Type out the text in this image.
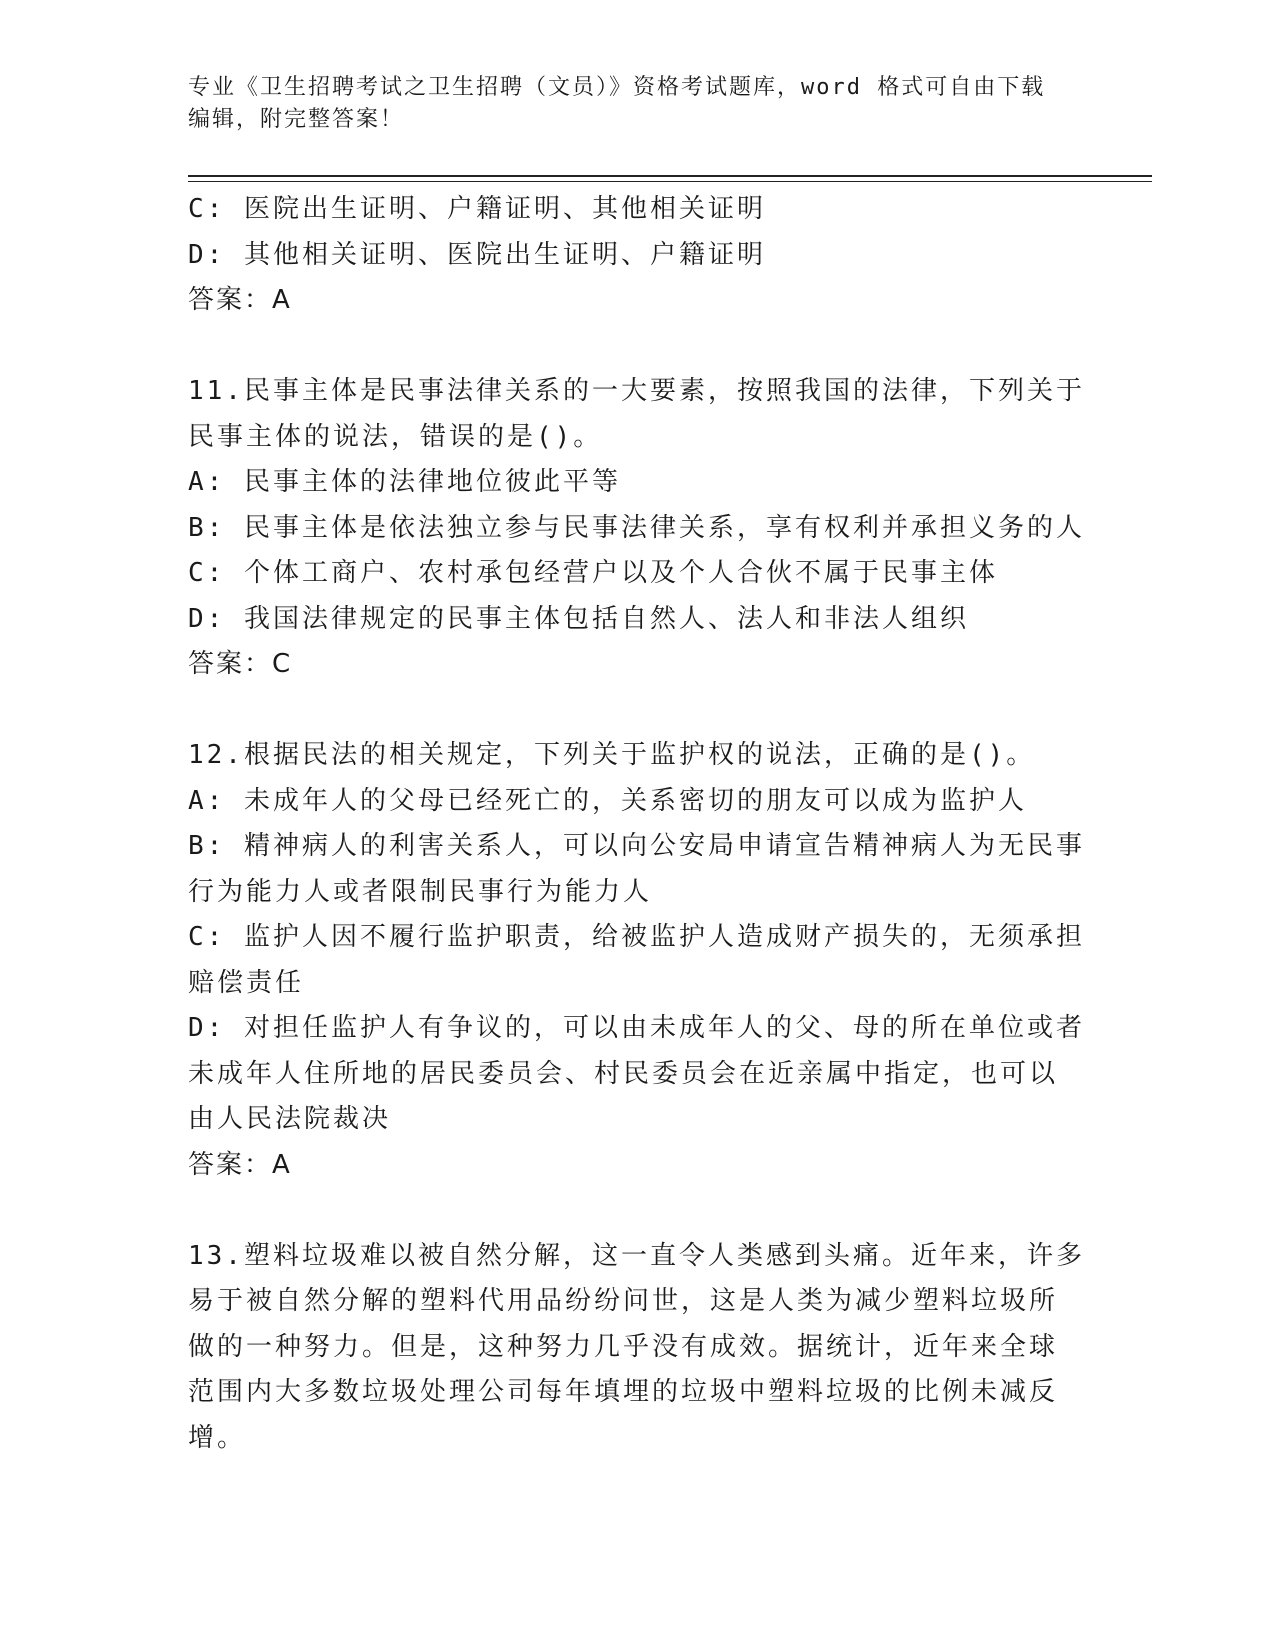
专业《卫生招聘考试之卫生招聘（文员）》资格考试题库，word 格式可自由下载
编辑，附完整答案！
C: 医院出生证明、户籍证明、其他相关证明
D: 其他相关证明、医院出生证明、户籍证明
答案：A
11.民事主体是民事法律关系的一大要素，按照我国的法律，下列关于
民事主体的说法，错误的是()。
A: 民事主体的法律地位彼此平等
B: 民事主体是依法独立参与民事法律关系，享有权利并承担义务的人
C: 个体工商户、农村承包经营户以及个人合伙不属于民事主体
D: 我国法律规定的民事主体包括自然人、法人和非法人组织
答案：C
12.根据民法的相关规定，下列关于监护权的说法，正确的是()。
A: 未成年人的父母已经死亡的，关系密切的朋友可以成为监护人
B: 精神病人的利害关系人，可以向公安局申请宣告精神病人为无民事
行为能力人或者限制民事行为能力人
C: 监护人因不履行监护职责，给被监护人造成财产损失的，无须承担
赔偿责任
D: 对担任监护人有争议的，可以由未成年人的父、母的所在单位或者
未成年人住所地的居民委员会、村民委员会在近亲属中指定，也可以
由人民法院裁决
答案：A
13.塑料垃圾难以被自然分解，这一直令人类感到头痛。近年来，许多
易于被自然分解的塑料代用品纷纷问世，这是人类为减少塑料垃圾所
做的一种努力。但是，这种努力几乎没有成效。据统计，近年来全球
范围内大多数垃圾处理公司每年填埋的垃圾中塑料垃圾的比例未减反
增。
